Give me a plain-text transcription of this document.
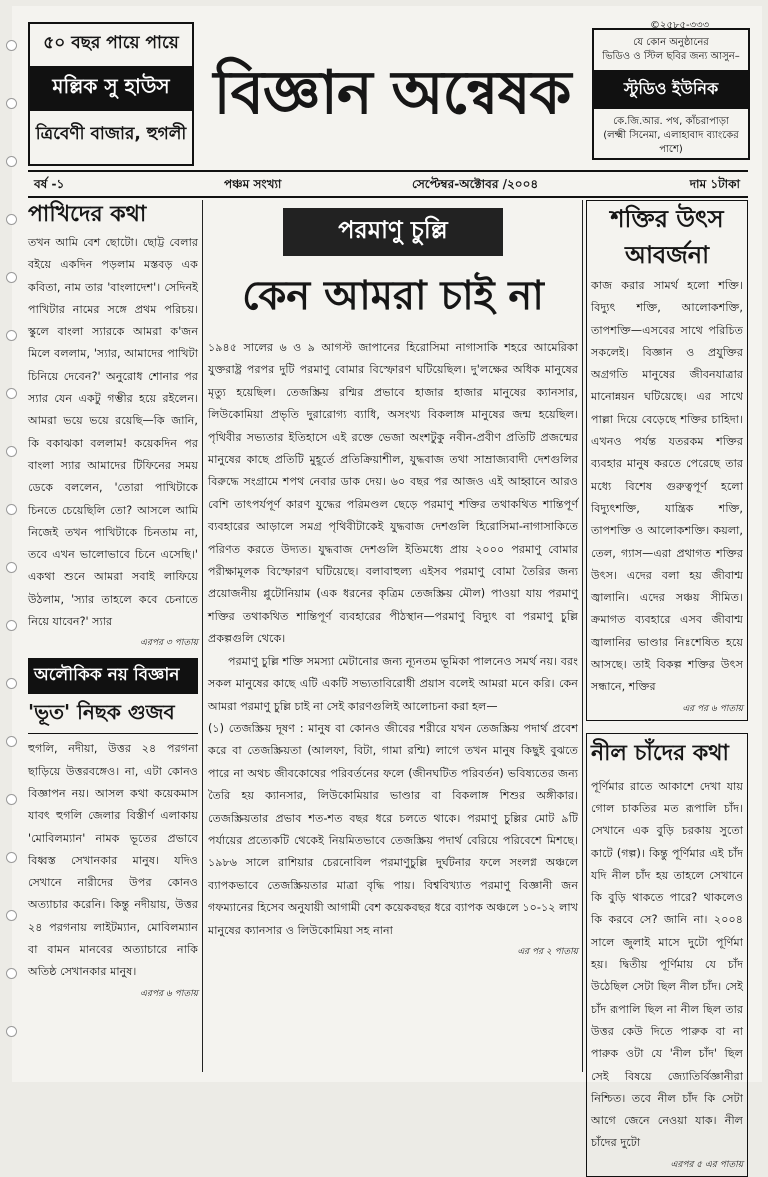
৫০ বছর পায়ে পায়ে
মল্লিক সু হাউস
ত্রিবেণী বাজার, হুগলী
বিজ্ঞান অন্বেষক
©২৫৮৫-৩৩৩
যে কোন অনুষ্ঠানের
ভিডিও ও স্টিল ছবির জন্য আসুন–
স্টুডিও ইউনিক
কে.জি.আর. পথ, কাঁচরাপাড়া
(লক্ষ্মী সিনেমা, এলাহাবাদ ব্যাংকের পাশে)
বর্ষ -১	পঞ্চম সংখ্যা	সেপ্টেম্বর-অক্টোবর /২০০৪	দাম ১টাকা
পাখিদের কথা
তখন আমি বেশ ছোটো। ছোট্ট বেলার বইয়ে একদিন পড়লাম মস্তবড় এক কবিতা, নাম তার 'বাংলাদেশ'। সেদিনই পাখিটার নামের সঙ্গে প্রথম পরিচয়। স্কুলে বাংলা স্যারকে আমরা ক'জন মিলে বললাম, 'স্যার, আমাদের পাখিটা চিনিয়ে দেবেন?' অনুরোধ শোনার পর স্যার যেন একটু গম্ভীর হয়ে রইলেন। আমরা ভয়ে ভয়ে রয়েছি—কি জানি, কি বকাঝকা বললাম! কয়েকদিন পর বাংলা স্যার আমাদের টিফিনের সময় ডেকে বললেন, 'তোরা পাখিটাকে চিনতে চেয়েছিলি তো? আসলে আমি নিজেই তখন পাখিটাকে চিনতাম না, তবে এখন ভালোভাবে চিনে এসেছি।' একথা শুনে আমরা সবাই লাফিয়ে উঠলাম, 'স্যার তাহলে কবে চেনাতে নিয়ে যাবেন?' স্যার
এরপর ৩ পাতায়
অলৌকিক নয় বিজ্ঞান
'ভূত' নিছক গুজব
হুগলি, নদীয়া, উত্তর ২৪ পরগনা ছাড়িয়ে উত্তরবঙ্গেও। না, এটা কোনও বিজ্ঞাপন নয়। আসল কথা কয়েকমাস যাবৎ হুগলি জেলার বিস্তীর্ণ এলাকায় 'মোবিলম্যান' নামক ভূতের প্রভাবে বিধ্বস্ত সেখানকার মানুষ। যদিও সেখানে নারীদের উপর কোনও অত্যাচার করেনি। কিন্তু নদীয়ায়, উত্তর ২৪ পরগনায় লাইটম্যান, মোবিলম্যান বা বামন মানবের অত্যাচারে নাকি অতিষ্ঠ সেখানকার মানুষ।
এরপর ৬ পাতায়
পরমাণু চুল্লি
কেন আমরা চাই না
১৯৪৫ সালের ৬ ও ৯ আগস্ট জাপানের হিরোসিমা নাগাসাকি শহরে আমেরিকা যুক্তরাষ্ট্র পরপর দুটি পরমাণু বোমার বিস্ফোরণ ঘটিয়েছিল। দু'লক্ষের অধিক মানুষের মৃত্যু হয়েছিল। তেজস্ক্রিয় রশ্মির প্রভাবে হাজার হাজার মানুষের ক্যানসার, লিউকোমিয়া প্রভৃতি দুরারোগ্য ব্যাধি, অসংখ্য বিকলাঙ্গ মানুষের জন্ম হয়েছিল। পৃথিবীর সভ্যতার ইতিহাসে এই রক্তে ভেজা অংশটুকু নবীন-প্রবীণ প্রতিটি প্রজন্মের মানুষের কাছে প্রতিটি মুহূর্তে প্রতিক্রিয়াশীল, যুদ্ধবাজ তথা সাম্রাজ্যবাদী দেশগুলির বিরুদ্ধে সংগ্রামে শপথ নেবার ডাক দেয়। ৬০ বছর পর আজও এই আহ্বানে আরও বেশি তাৎপর্যপূর্ণ কারণ যুদ্ধের পরিমণ্ডল ছেড়ে পরমাণু শক্তির তথাকথিত শান্তিপূর্ণ ব্যবহারের আড়ালে সমগ্র পৃথিবীটাকেই যুদ্ধবাজ দেশগুলি হিরোসিমা-নাগাসাকিতে পরিণত করতে উদ্যত। যুদ্ধবাজ দেশগুলি ইতিমধ্যে প্রায় ২০০০ পরমাণু বোমার পরীক্ষামূলক বিস্ফোরণ ঘটিয়েছে। বলাবাহুল্য এইসব পরমাণু বোমা তৈরির জন্য প্রয়োজনীয় প্লুটোনিয়াম (এক ধরনের কৃত্রিম তেজস্ক্রিয় মৌল) পাওয়া যায় পরমাণু শক্তির তথাকথিত শান্তিপূর্ণ ব্যবহারের পীঠস্থান—পরমাণু বিদ্যুৎ বা পরমাণু চুল্লি প্রকল্পগুলি থেকে।
পরমাণু চুল্লি শক্তি সমস্যা মেটানোর জন্য ন্যূনতম ভূমিকা পালনেও সমর্থ নয়। বরং সকল মানুষের কাছে এটি একটি সভ্যতাবিরোধী প্রয়াস বলেই আমরা মনে করি। কেন আমরা পরমাণু চুল্লি চাই না সেই কারণগুলিই আলোচনা করা হল—
(১) তেজস্ক্রিয় দূষণ : মানুষ বা কোনও জীবের শরীরে যখন তেজস্ক্রিয় পদার্থ প্রবেশ করে বা তেজস্ক্রিয়তা (আলফা, বিটা, গামা রশ্মি) লাগে তখন মানুষ কিছুই বুঝতে পারে না অথচ জীবকোষের পরিবর্তনের ফলে (জীনঘটিত পরিবর্তন) ভবিষ্যতের জন্য তৈরি হয় ক্যানসার, লিউকোমিয়ার ভাণ্ডার বা বিকলাঙ্গ শিশুর অঙ্গীকার। তেজস্ক্রিয়তার প্রভাব শত-শত বছর ধরে চলতে থাকে। পরমাণু চুল্লির মোট ৯টি পর্যায়ের প্রত্যেকটি থেকেই নিয়মিতভাবে তেজস্ক্রিয় পদার্থ বেরিয়ে পরিবেশে মিশছে। ১৯৮৬ সালে রাশিয়ার চেরনোবিল পরমাণুচুল্লি দুর্ঘটনার ফলে সংলগ্ন অঞ্চলে ব্যাপকভাবে তেজস্ক্রিয়তার মাত্রা বৃদ্ধি পায়। বিশ্ববিখ্যাত পরমাণু বিজ্ঞানী জন গফম্যানের হিসেব অনুযায়ী আগামী বেশ কয়েকবছর ধরে ব্যাপক অঞ্চলে ১০-১২ লাখ মানুষের ক্যানসার ও লিউকোমিয়া সহ নানা
এর পর ২ পাতায়
শক্তির উৎস আবর্জনা
কাজ করার সামর্থ হলো শক্তি। বিদ্যুৎ শক্তি, আলোকশক্তি, তাপশক্তি—এসবের সাথে পরিচিত সকলেই। বিজ্ঞান ও প্রযুক্তির অগ্রগতি মানুষের জীবনযাত্রার মানোন্নয়ন ঘটিয়েছে। এর সাথে পাল্লা দিয়ে বেড়েছে শক্তির চাহিদা। এখনও পর্যন্ত যতরকম শক্তির ব্যবহার মানুষ করতে পেরেছে তার মধ্যে বিশেষ গুরুত্বপূর্ণ হলো বিদ্যুৎশক্তি, যান্ত্রিক শক্তি, তাপশক্তি ও আলোকশক্তি। কয়লা, তেল, গ্যাস—এরা প্রথাগত শক্তির উৎস। এদের বলা হয় জীবাশ্ম জ্বালানি। এদের সঞ্চয় সীমিত। ক্রমাগত ব্যবহারে এসব জীবাশ্ম জ্বালানির ভাণ্ডার নিঃশেষিত হয়ে আসছে। তাই বিকল্প শক্তির উৎস সন্ধানে, শক্তির
এর পর ৬ পাতায়
নীল চাঁদের কথা
পূর্ণিমার রাতে আকাশে দেখা যায় গোল চাকতির মত রূপালি চাঁদ। সেখানে এক বুড়ি চরকায় সুতো কাটে (গল্প)। কিন্তু পূর্ণিমার এই চাঁদ যদি নীল চাঁদ হয় তাহলে সেখানে কি বুড়ি থাকতে পারে? থাকলেও কি করবে সে? জানি না। ২০০৪ সালে জুলাই মাসে দুটো পূর্ণিমা হয়। দ্বিতীয় পূর্ণিমায় যে চাঁদ উঠেছিল সেটা ছিল নীল চাঁদ। সেই চাঁদ রূপালি ছিল না নীল ছিল তার উত্তর কেউ দিতে পারুক বা না পারুক ওটা যে 'নীল চাঁদ' ছিল সেই বিষয়ে জ্যোতির্বিজ্ঞানীরা নিশ্চিত। তবে নীল চাঁদ কি সেটা আগে জেনে নেওয়া যাক। নীল চাঁদের দুটো
এরপর ৫ এর পাতায়
